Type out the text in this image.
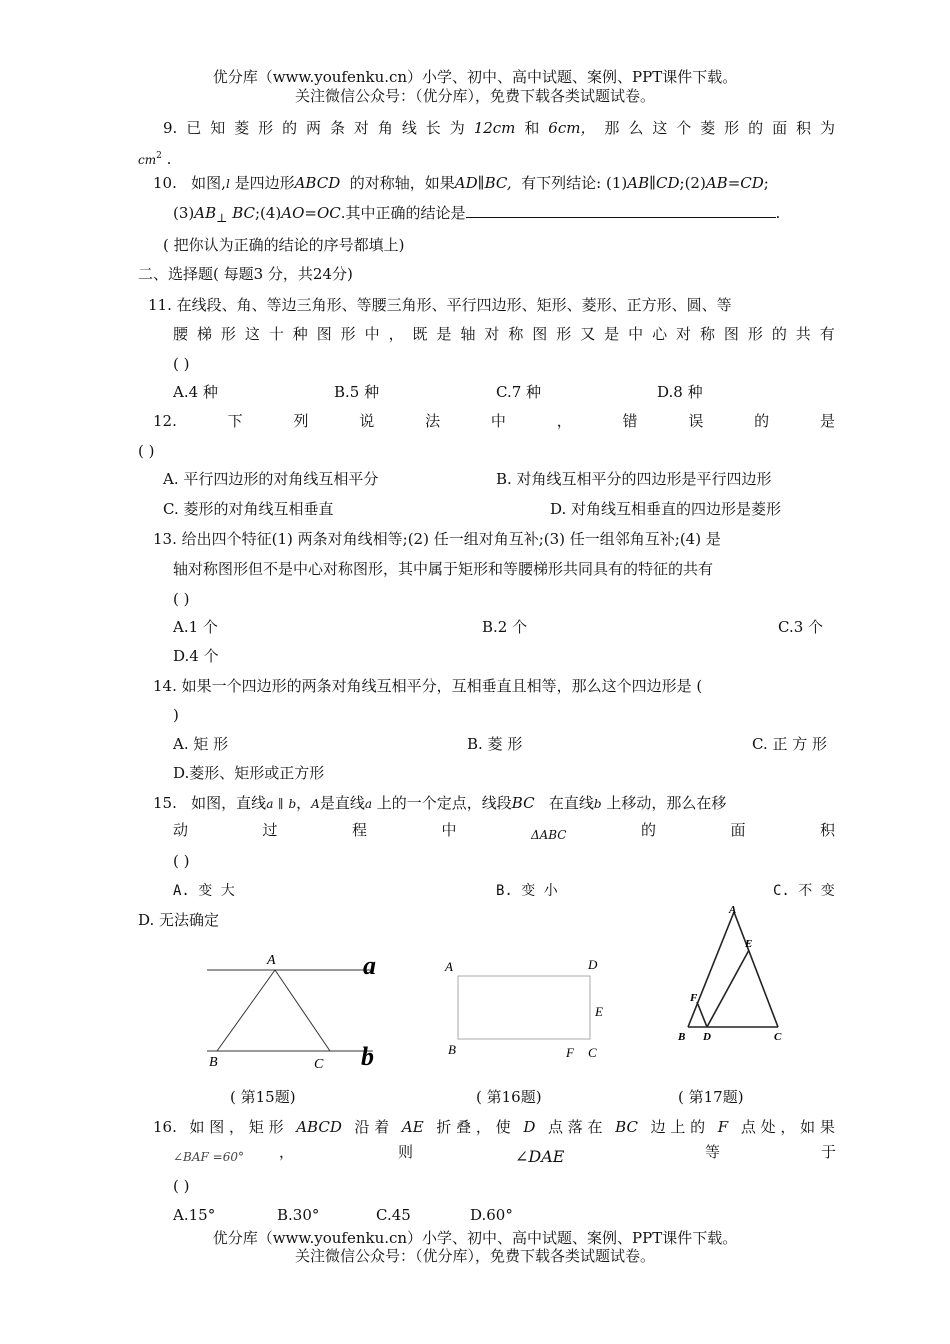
优分库（www.youfenku.cn）小学、初中、高中试题、案例、PPT课件下载。
关注微信公众号：（优分库），免费下载各类试题试卷。
9. 已 知 菱 形 的 两 条 对 角 线 长 为 12cm 和 6cm， 那 么 这 个 菱 形 的 面 积 为
$cm^2$ .
10. 如图,l 是四边形ABCD 的对称轴，如果AD∥BC, 有下列结论: (1)AB∥CD;(2)AB=CD;
$(3)AB_\perp$ BC;(4)AO=OC.其中正确的结论是	.
( 把你认为正确的结论的序号都填上)
二、选择题( 每题3 分，共24分)
11. 在线段、角、等边三角形、等腰三角形、平行四边形、矩形、菱形、正方形、圆、等
腰 梯 形 这 十 种 图 形 中 ， 既 是 轴 对 称 图 形 又 是 中 心 对 称 图 形 的 共 有
( )
A.4 种	B.5 种	C.7 种	D.8 种
12.	下	列	说	法	中	，	错	误	的	是
( )
A. 平行四边形的对角线互相平分	B. 对角线互相平分的四边形是平行四边形
C. 菱形的对角线互相垂直	D. 对角线互相垂直的四边形是菱形
13. 给出四个特征(1) 两条对角线相等;(2) 任一组对角互补;(3) 任一组邻角互补;(4) 是
轴对称图形但不是中心对称图形，其中属于矩形和等腰梯形共同具有的特征的共有
( )
A.1 个	B.2 个	C.3 个
D.4 个
14. 如果一个四边形的两条对角线互相平分，互相垂直且相等，那么这个四边形是 (
)
A. 矩 形	B. 菱 形	C. 正 方 形
D.菱形、矩形或正方形
15. 如图，直线a ∥ b，A是直线a 上的一个定点，线段BC 在直线b 上移动，那么在移
动	过	程	中	ΔABC	的	面	积
( )
A. 变 大	B. 变 小	C. 不 变
D. 无法确定
A
B	C
a
b
( 第15题)
A	D
E
B	F C
( 第16题)
A
E
F
B D	C
( 第17题)
16. 如 图 ， 矩 形 ABCD 沿 着 AE 折 叠 ， 使 D 点 落 在 BC 边 上 的 F 点 处 ， 如 果
∠BAF =60° ，	则	∠DAE	等	于
( )
A.15°	B.30°	C.45	D.60°
优分库（www.youfenku.cn）小学、初中、高中试题、案例、PPT课件下载。
关注微信公众号：（优分库），免费下载各类试题试卷。
